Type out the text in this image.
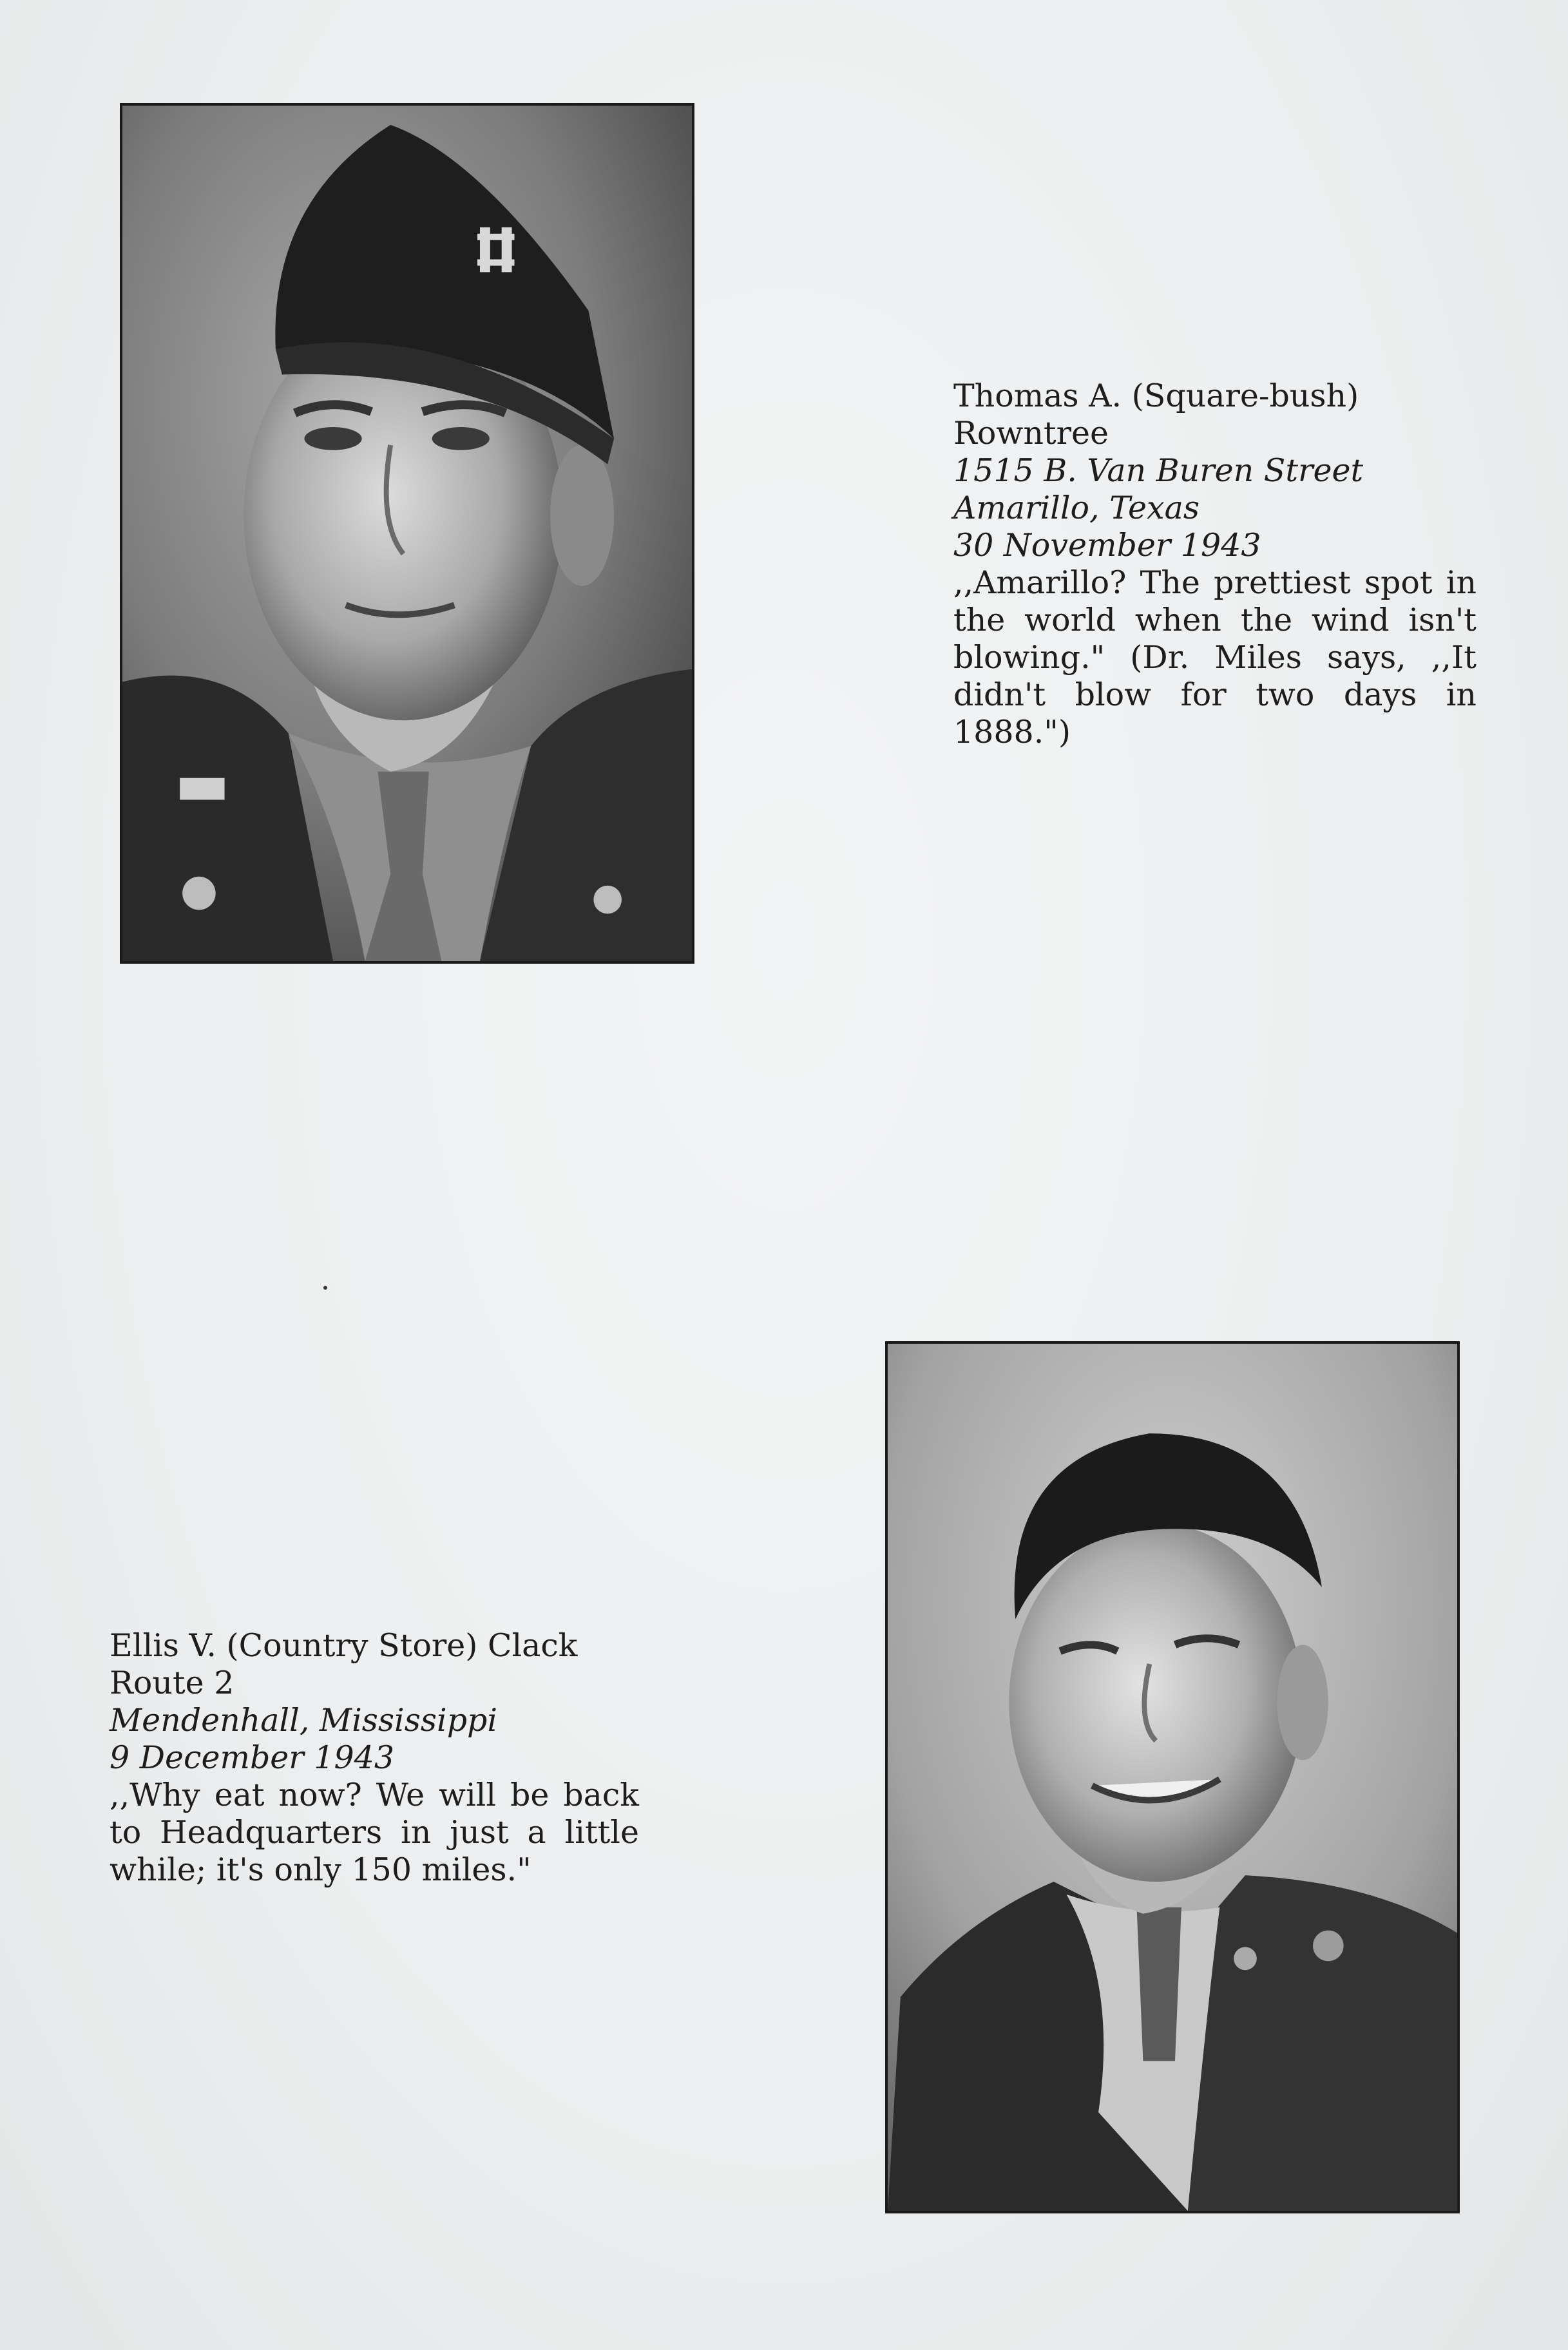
Thomas A. (Square-bush)
Rowntree
1515 B. Van Buren Street
Amarillo, Texas
30 November 1943
,,Amarillo? The prettiest spot in the world when the wind isn't blowing." (Dr. Miles says, ,,It didn't blow for two days in 1888.")
Ellis V. (Country Store) Clack
Route 2
Mendenhall, Mississippi
9 December 1943
,,Why eat now? We will be back to Headquarters in just a little while; it's only 150 miles."
